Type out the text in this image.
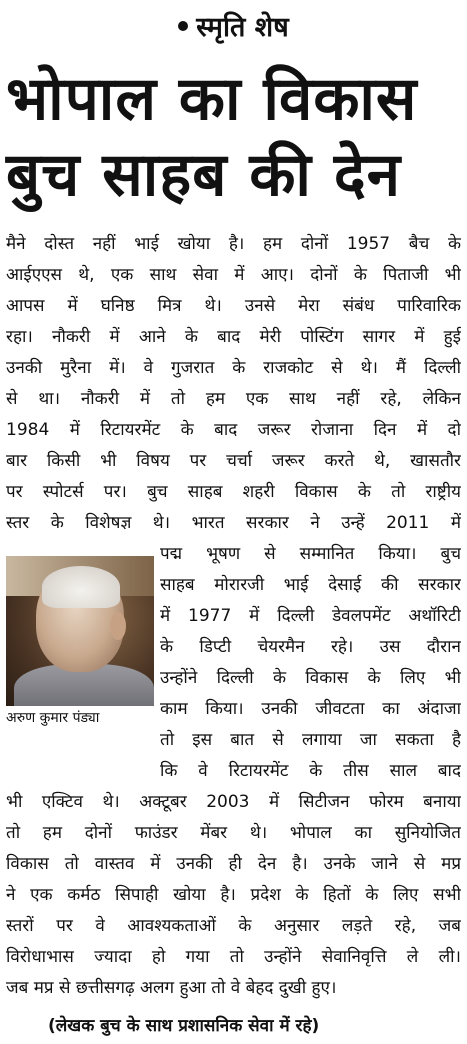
स्मृति शेष
भोपाल का विकास
बुच साहब की देन
मैने दोस्त नहीं भाई खोया है। हम दोनों 1957 बैच के
आईएएस थे, एक साथ सेवा में आए। दोनों के पिताजी भी
आपस में घनिष्ठ मित्र थे। उनसे मेरा संबंध पारिवारिक
रहा। नौकरी में आने के बाद मेरी पोस्टिंग सागर में हुई
उनकी मुरैना में। वे गुजरात के राजकोट से थे। मैं दिल्ली
से था। नौकरी में तो हम एक साथ नहीं रहे, लेकिन
1984 में रिटायरमेंट के बाद जरूर रोजाना दिन में दो
बार किसी भी विषय पर चर्चा जरूर करते थे, खासतौर
पर स्पोटर्स पर। बुच साहब शहरी विकास के तो राष्ट्रीय
स्तर के विशेषज्ञ थे। भारत सरकार ने उन्हें 2011 में
पद्म भूषण से सम्मानित किया। बुच
साहब मोरारजी भाई देसाई की सरकार
में 1977 में दिल्ली डेवलपमेंट अथॉरिटी
के डिप्टी चेयरमैन रहे। उस दौरान
उन्होंने दिल्ली के विकास के लिए भी
काम किया। उनकी जीवटता का अंदाजा
तो इस बात से लगाया जा सकता है
कि वे रिटायरमेंट के तीस साल बाद
भी एक्टिव थे। अक्टूबर 2003 में सिटीजन फोरम बनाया
तो हम दोनों फाउंडर मेंबर थे। भोपाल का सुनियोजित
विकास तो वास्तव में उनकी ही देन है। उनके जाने से मप्र
ने एक कर्मठ सिपाही खोया है। प्रदेश के हितों के लिए सभी
स्तरों पर वे आवश्यकताओं के अनुसार लड़ते रहे, जब
विरोधाभास ज्यादा हो गया तो उन्होंने सेवानिवृत्ति ले ली।
जब मप्र से छत्तीसगढ़ अलग हुआ तो वे बेहद दुखी हुए।
अरुण कुमार पंड्या
(लेखक बुच के साथ प्रशासनिक सेवा में रहे)
